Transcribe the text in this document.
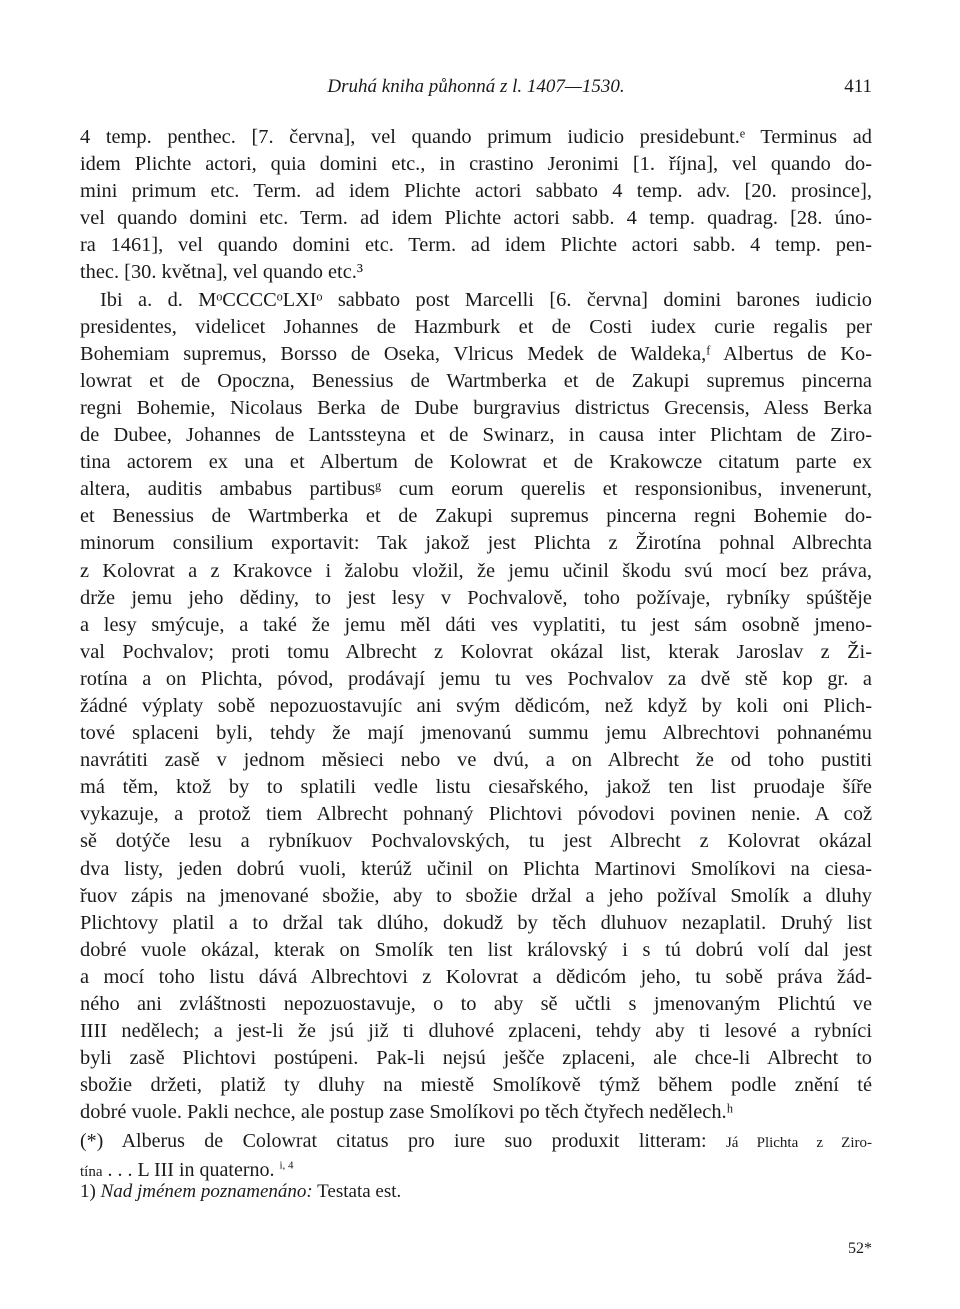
Druhá kniha půhonná z l. 1407—1530.	411
4 temp. penthec. [7. června], vel quando primum iudicio presidebunt.ᵉ Terminus ad
idem Plichte actori, quia domini etc., in crastino Jeronimi [1. října], vel quando do-
mini primum etc. Term. ad idem Plichte actori sabbato 4 temp. adv. [20. prosince],
vel quando domini etc. Term. ad idem Plichte actori sabb. 4 temp. quadrag. [28. úno-
ra 1461], vel quando domini etc. Term. ad idem Plichte actori sabb. 4 temp. pen-
thec. [30. května], vel quando etc.³
Ibi a. d. MᵒCCCCᵒLXIᵒ sabbato post Marcelli [6. června] domini barones iudicio
presidentes, videlicet Johannes de Hazmburk et de Costi iudex curie regalis per
Bohemiam supremus, Borsso de Oseka, Vlricus Medek de Waldeka,ᶠ Albertus de Ko-
lowrat et de Opoczna, Benessius de Wartmberka et de Zakupi supremus pincerna
regni Bohemie, Nicolaus Berka de Dube burgravius districtus Grecensis, Aless Berka
de Dubee, Johannes de Lantssteyna et de Swinarz, in causa inter Plichtam de Ziro-
tina actorem ex una et Albertum de Kolowrat et de Krakowcze citatum parte ex
altera, auditis ambabus partibusᵍ cum eorum querelis et responsionibus, invenerunt,
et Benessius de Wartmberka et de Zakupi supremus pincerna regni Bohemie do-
minorum consilium exportavit: Tak jakož jest Plichta z Žirotína pohnal Albrechta
z Kolovrat a z Krakovce i žalobu vložil, že jemu učinil škodu svú mocí bez práva,
drže jemu jeho dědiny, to jest lesy v Pochvalově, toho požívaje, rybníky spúštěje
a lesy smýcuje, a také že jemu měl dáti ves vyplatiti, tu jest sám osobně jmeno-
val Pochvalov; proti tomu Albrecht z Kolovrat okázal list, kterak Jaroslav z Ži-
rotína a on Plichta, póvod, prodávají jemu tu ves Pochvalov za dvě stě kop gr. a
žádné výplaty sobě nepozuostavujíc ani svým dědicóm, než když by koli oni Plich-
tové splaceni byli, tehdy že mají jmenovanú summu jemu Albrechtovi pohnanému
navrátiti zasě v jednom měsieci nebo ve dvú, a on Albrecht že od toho pustiti
má těm, ktož by to splatili vedle listu ciesařského, jakož ten list pruodaje šíře
vykazuje, a protož tiem Albrecht pohnaný Plichtovi póvodovi povinen nenie. A což
sě dotýče lesu a rybníkuov Pochvalovských, tu jest Albrecht z Kolovrat okázal
dva listy, jeden dobrú vuoli, kterúž učinil on Plichta Martinovi Smolíkovi na ciesa-
řuov zápis na jmenované sbožie, aby to sbožie držal a jeho požíval Smolík a dluhy
Plichtovy platil a to držal tak dlúho, dokudž by těch dluhuov nezaplatil. Druhý list
dobré vuole okázal, kterak on Smolík ten list královský i s tú dobrú volí dal jest
a mocí toho listu dává Albrechtovi z Kolovrat a dědicóm jeho, tu sobě práva žád-
ného ani zvláštnosti nepozuostavuje, o to aby sě učtli s jmenovaným Plichtú ve
IIII nedělech; a jest-li že jsú již ti dluhové zplaceni, tehdy aby ti lesové a rybníci
byli zasě Plichtovi postúpeni. Pak-li nejsú ješče zplaceni, ale chce-li Albrecht to
sbožie držeti, platiž ty dluhy na miestě Smolíkově týmž během podle znění té
dobré vuole. Pakli nechce, ale postup zase Smolíkovi po těch čtyřech nedělech.ʰ
(*) Alberus de Colowrat citatus pro iure suo produxit litteram: Já Plichta z Ziro-
tína . . . L III in quaterno. $^{i, 4}$
1) Nad jménem poznamenáno: Testata est.
52*
